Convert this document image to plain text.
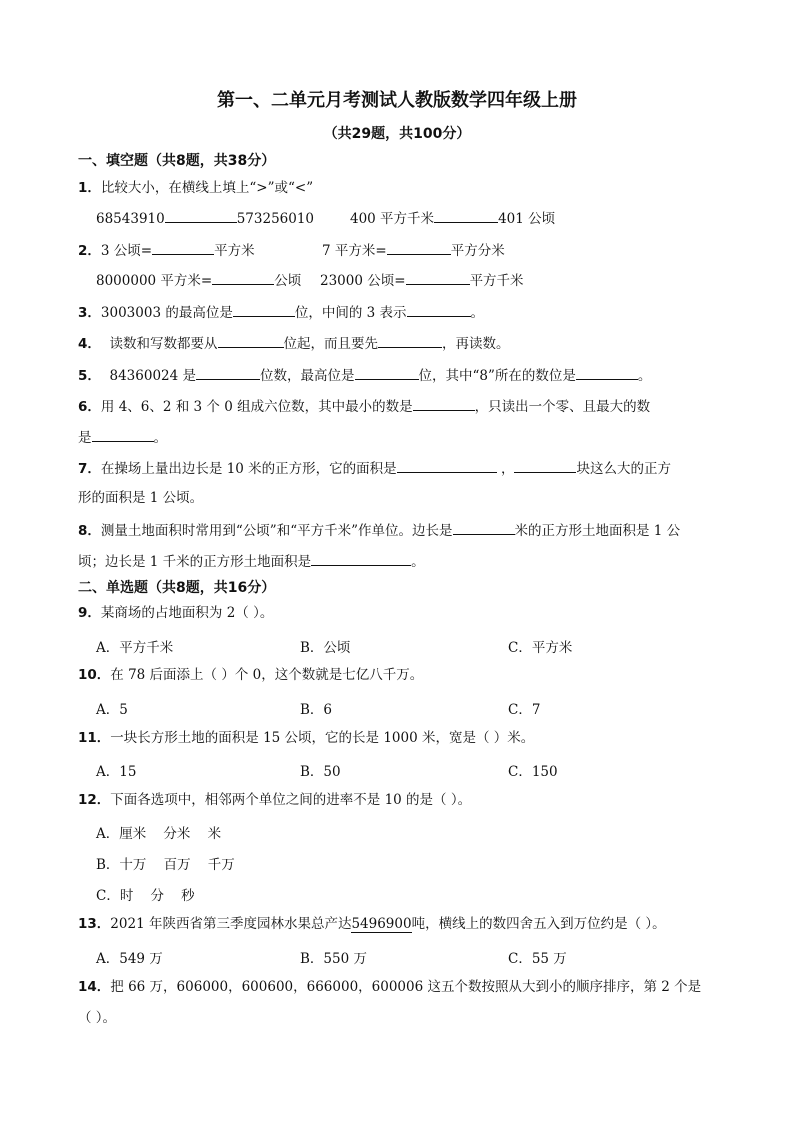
第一、二单元月考测试人教版数学四年级上册
（共29题，共100分）
一、填空题（共8题，共38分）
1．比较大小，在横线上填上“>”或“<”
68543910	573256010	400 平方千米	401 公顷
2．3 公顷=	平方米	7 平方米=	平方分米
8000000 平方米=	公顷 23000 公顷=	平方千米
3．3003003 的最高位是	位，中间的 3 表示	。
4． 读数和写数都要从	位起，而且要先	，再读数。
5． 84360024 是	位数，最高位是	位，其中“8”所在的数位是	。
6．用 4、6、2 和 3 个 0 组成六位数，其中最小的数是	，只读出一个零、且最大的数
是	。
7．在操场上量出边长是 10 米的正方形，它的面积是	，	块这么大的正方
形的面积是 1 公顷。
8．测量土地面积时常用到“公顷”和“平方千米”作单位。边长是	米的正方形土地面积是 1 公
顷；边长是 1 千米的正方形土地面积是	。
二、单选题（共8题，共16分）
9．某商场的占地面积为 2（ ）。
A．平方千米	B．公顷	C．平方米
10．在 78 后面添上（ ）个 0，这个数就是七亿八千万。
A．5	B．6	C．7
11．一块长方形土地的面积是 15 公顷，它的长是 1000 米，宽是（ ）米。
A．15	B．50	C．150
12．下面各选项中，相邻两个单位之间的进率不是 10 的是（ ）。
A．厘米    分米    米
B．十万    百万    千万
C．时    分    秒
13．2021 年陕西省第三季度园林水果总产达5496900吨，横线上的数四舍五入到万位约是（ ）。
A．549 万	B．550 万	C．55 万
14．把 66 万，606000，600600，666000，600006 这五个数按照从大到小的顺序排序，第 2 个是
（ ）。
